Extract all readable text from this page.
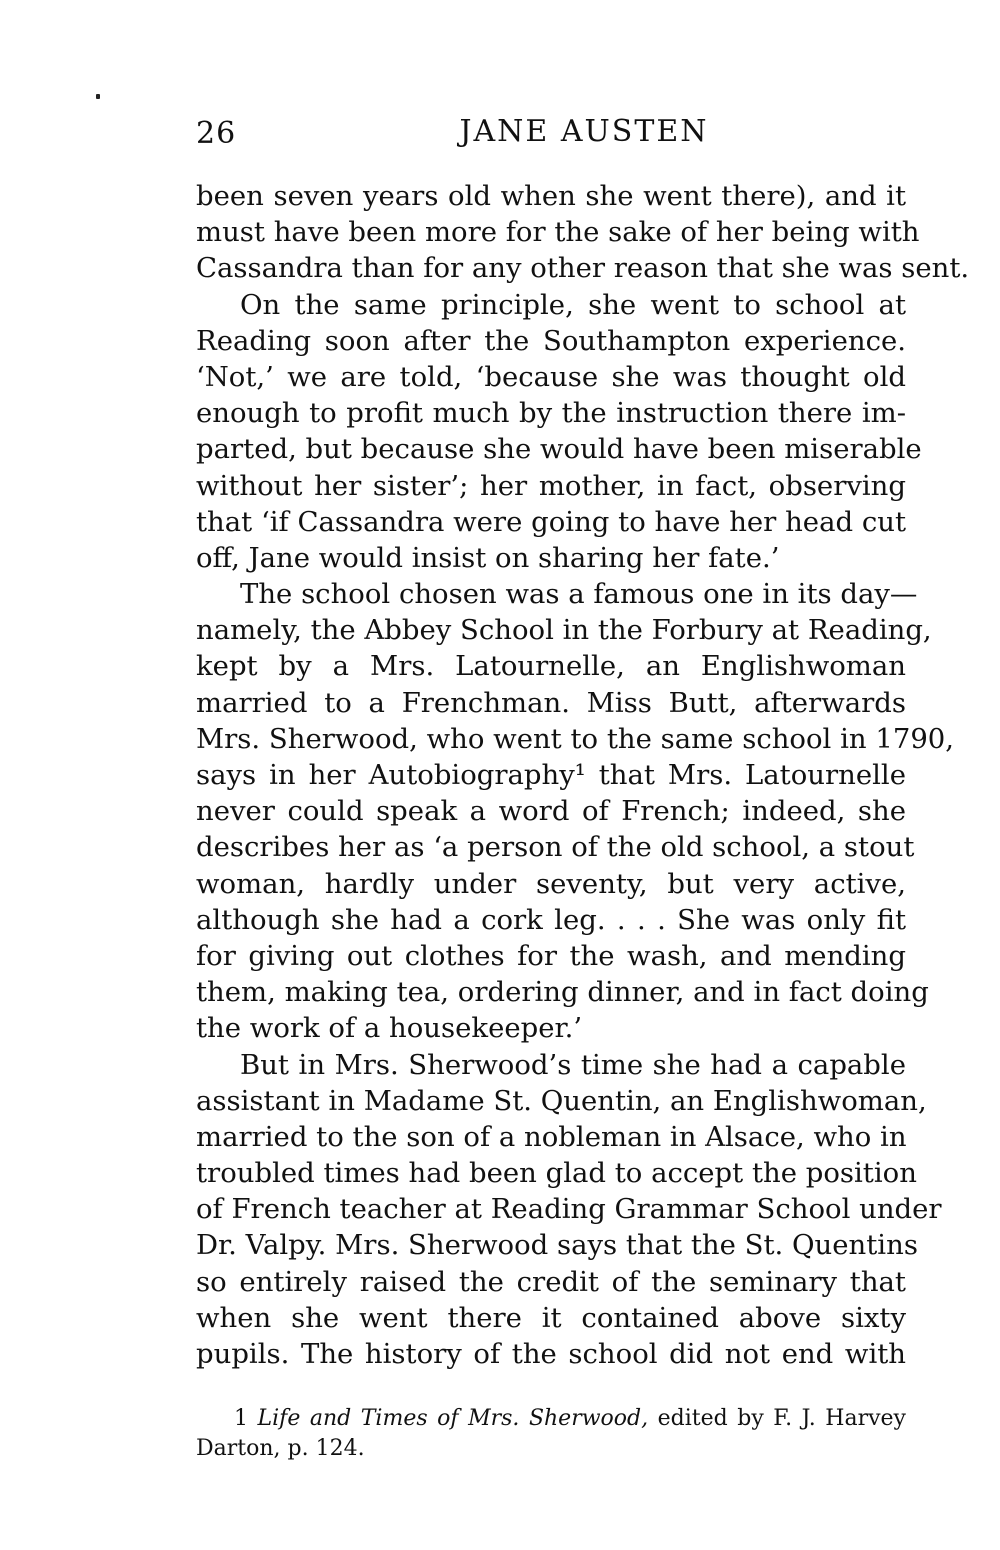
26	JANE AUSTEN
been seven years old when she went there), and it
must have been more for the sake of her being with
Cassandra than for any other reason that she was sent.
On the same principle, she went to school at
Reading soon after the Southampton experience.
‘Not,’ we are told, ‘because she was thought old
enough to profit much by the instruction there im-
parted, but because she would have been miserable
without her sister’; her mother, in fact, observing
that ‘if Cassandra were going to have her head cut
off, Jane would insist on sharing her fate.’
The school chosen was a famous one in its day—
namely, the Abbey School in the Forbury at Reading,
kept by a Mrs. Latournelle, an Englishwoman
married to a Frenchman. Miss Butt, afterwards
Mrs. Sherwood, who went to the same school in 1790,
says in her Autobiography¹ that Mrs. Latournelle
never could speak a word of French; indeed, she
describes her as ‘a person of the old school, a stout
woman, hardly under seventy, but very active,
although she had a cork leg. . . . She was only fit
for giving out clothes for the wash, and mending
them, making tea, ordering dinner, and in fact doing
the work of a housekeeper.’
But in Mrs. Sherwood’s time she had a capable
assistant in Madame St. Quentin, an Englishwoman,
married to the son of a nobleman in Alsace, who in
troubled times had been glad to accept the position
of French teacher at Reading Grammar School under
Dr. Valpy. Mrs. Sherwood says that the St. Quentins
so entirely raised the credit of the seminary that
when she went there it contained above sixty
pupils. The history of the school did not end with
1 Life and Times of Mrs. Sherwood, edited by F. J. Harvey
Darton, p. 124.
